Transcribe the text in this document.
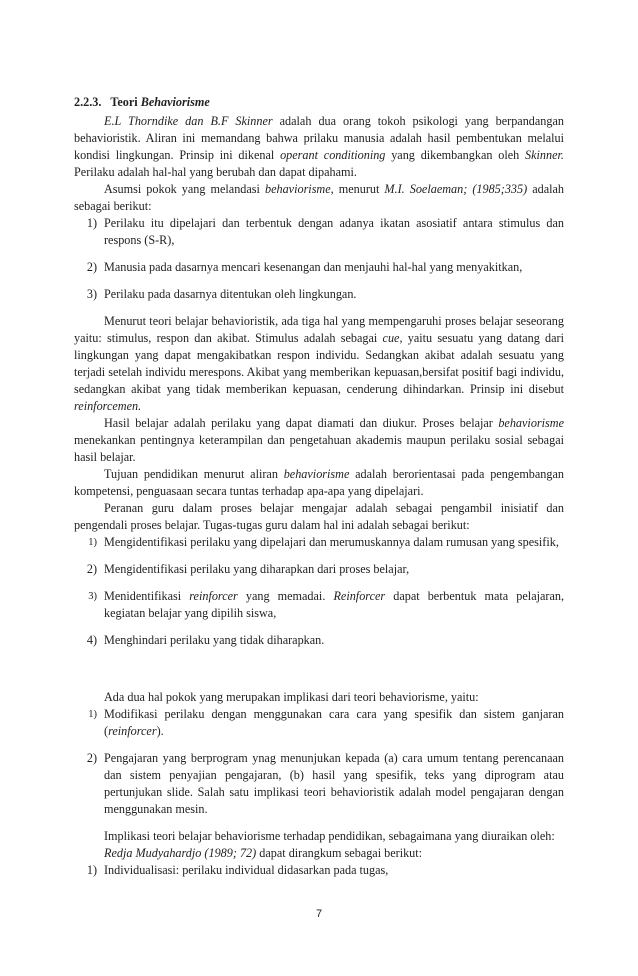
2.2.3. Teori Behaviorisme

E.L Thorndike dan B.F Skinner adalah dua orang tokoh psikologi yang berpandangan behavioristik. Aliran ini memandang bahwa prilaku manusia adalah hasil pembentukan melalui kondisi lingkungan. Prinsip ini dikenal operant conditioning yang dikembangkan oleh Skinner. Perilaku adalah hal-hal yang berubah dan dapat dipahami.

Asumsi pokok yang melandasi behaviorisme, menurut M.I. Soelaeman; (1985;335) adalah sebagai berikut:

1) Perilaku itu dipelajari dan terbentuk dengan adanya ikatan asosiatif antara stimulus dan respons (S-R),
2) Manusia pada dasarnya mencari kesenangan dan menjauhi hal-hal yang menyakitkan,
3) Perilaku pada dasarnya ditentukan oleh lingkungan.

Menurut teori belajar behavioristik, ada tiga hal yang mempengaruhi proses belajar seseorang yaitu: stimulus, respon dan akibat. Stimulus adalah sebagai cue, yaitu sesuatu yang datang dari lingkungan yang dapat mengakibatkan respon individu. Sedangkan akibat adalah sesuatu yang terjadi setelah individu merespons. Akibat yang memberikan kepuasan,bersifat positif bagi individu, sedangkan akibat yang tidak memberikan kepuasan, cenderung dihindarkan. Prinsip ini disebut reinforcemen.

Hasil belajar adalah perilaku yang dapat diamati dan diukur. Proses belajar behaviorisme menekankan pentingnya keterampilan dan pengetahuan akademis maupun perilaku sosial sebagai hasil belajar.

Tujuan pendidikan menurut aliran behaviorisme adalah berorientasai pada pengembangan kompetensi, penguasaan secara tuntas terhadap apa-apa yang dipelajari.

Peranan guru dalam proses belajar mengajar adalah sebagai pengambil inisiatif dan pengendali proses belajar. Tugas-tugas guru dalam hal ini adalah sebagai berikut:

1) Mengidentifikasi perilaku yang dipelajari dan merumuskannya dalam rumusan yang spesifik,
2) Mengidentifikasi perilaku yang diharapkan dari proses belajar,
3) Menidentifikasi reinforcer yang memadai. Reinforcer dapat berbentuk mata pelajaran, kegiatan belajar yang dipilih siswa,
4) Menghindari perilaku yang tidak diharapkan.

Ada dua hal pokok yang merupakan implikasi dari teori behaviorisme, yaitu:

1) Modifikasi perilaku dengan menggunakan cara cara yang spesifik dan sistem ganjaran (reinforcer).
2) Pengajaran yang berprogram ynag menunjukan kepada (a) cara umum tentang perencanaan dan sistem penyajian pengajaran, (b) hasil yang spesifik, teks yang diprogram atau pertunjukan slide. Salah satu implikasi teori behavioristik adalah model pengajaran dengan menggunakan mesin.

Implikasi teori belajar behaviorisme terhadap pendidikan, sebagaimana yang diuraikan oleh:

Redja Mudyahardjo (1989; 72) dapat dirangkum sebagai berikut:

1) Individualisasi: perilaku individual didasarkan pada tugas,
7
